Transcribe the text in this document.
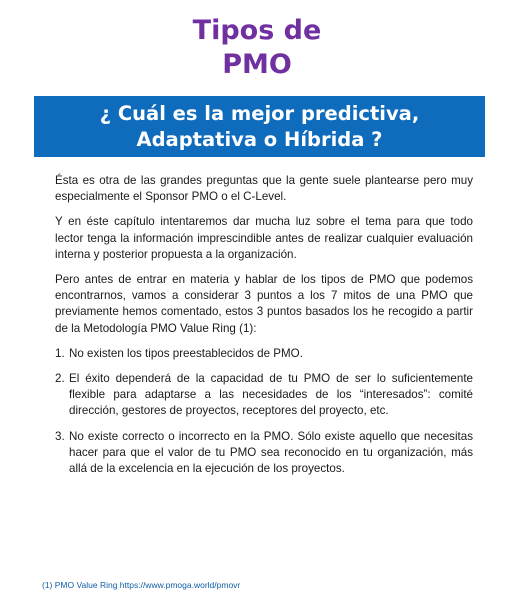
Tipos de
PMO
¿ Cuál es la mejor predictiva,
Adaptativa o Híbrida ?

Ésta es otra de las grandes preguntas que la gente suele plantearse pero muy especialmente el Sponsor PMO o el C-Level.

Y en éste capítulo intentaremos dar mucha luz sobre el tema para que todo lector tenga la información imprescindible antes de realizar cualquier evaluación interna y posterior propuesta a la organización.

Pero antes de entrar en materia y hablar de los tipos de PMO que podemos encontrarnos, vamos a considerar 3 puntos a los 7 mitos de una PMO que previamente hemos comentado, estos 3 puntos basados los he recogido a partir de la Metodología PMO Value Ring (1):

1. No existen los tipos preestablecidos de PMO.
2. El éxito dependerá de la capacidad de tu PMO de ser lo suficientemente flexible para adaptarse a las necesidades de los “interesados”: comité dirección, gestores de proyectos, receptores del proyecto, etc.
3. No existe correcto o incorrecto en la PMO. Sólo existe aquello que necesitas hacer para que el valor de tu PMO sea reconocido en tu organización, más allá de la excelencia en la ejecución de los proyectos.
(1) PMO Value Ring https://www.pmoga.world/pmovr
